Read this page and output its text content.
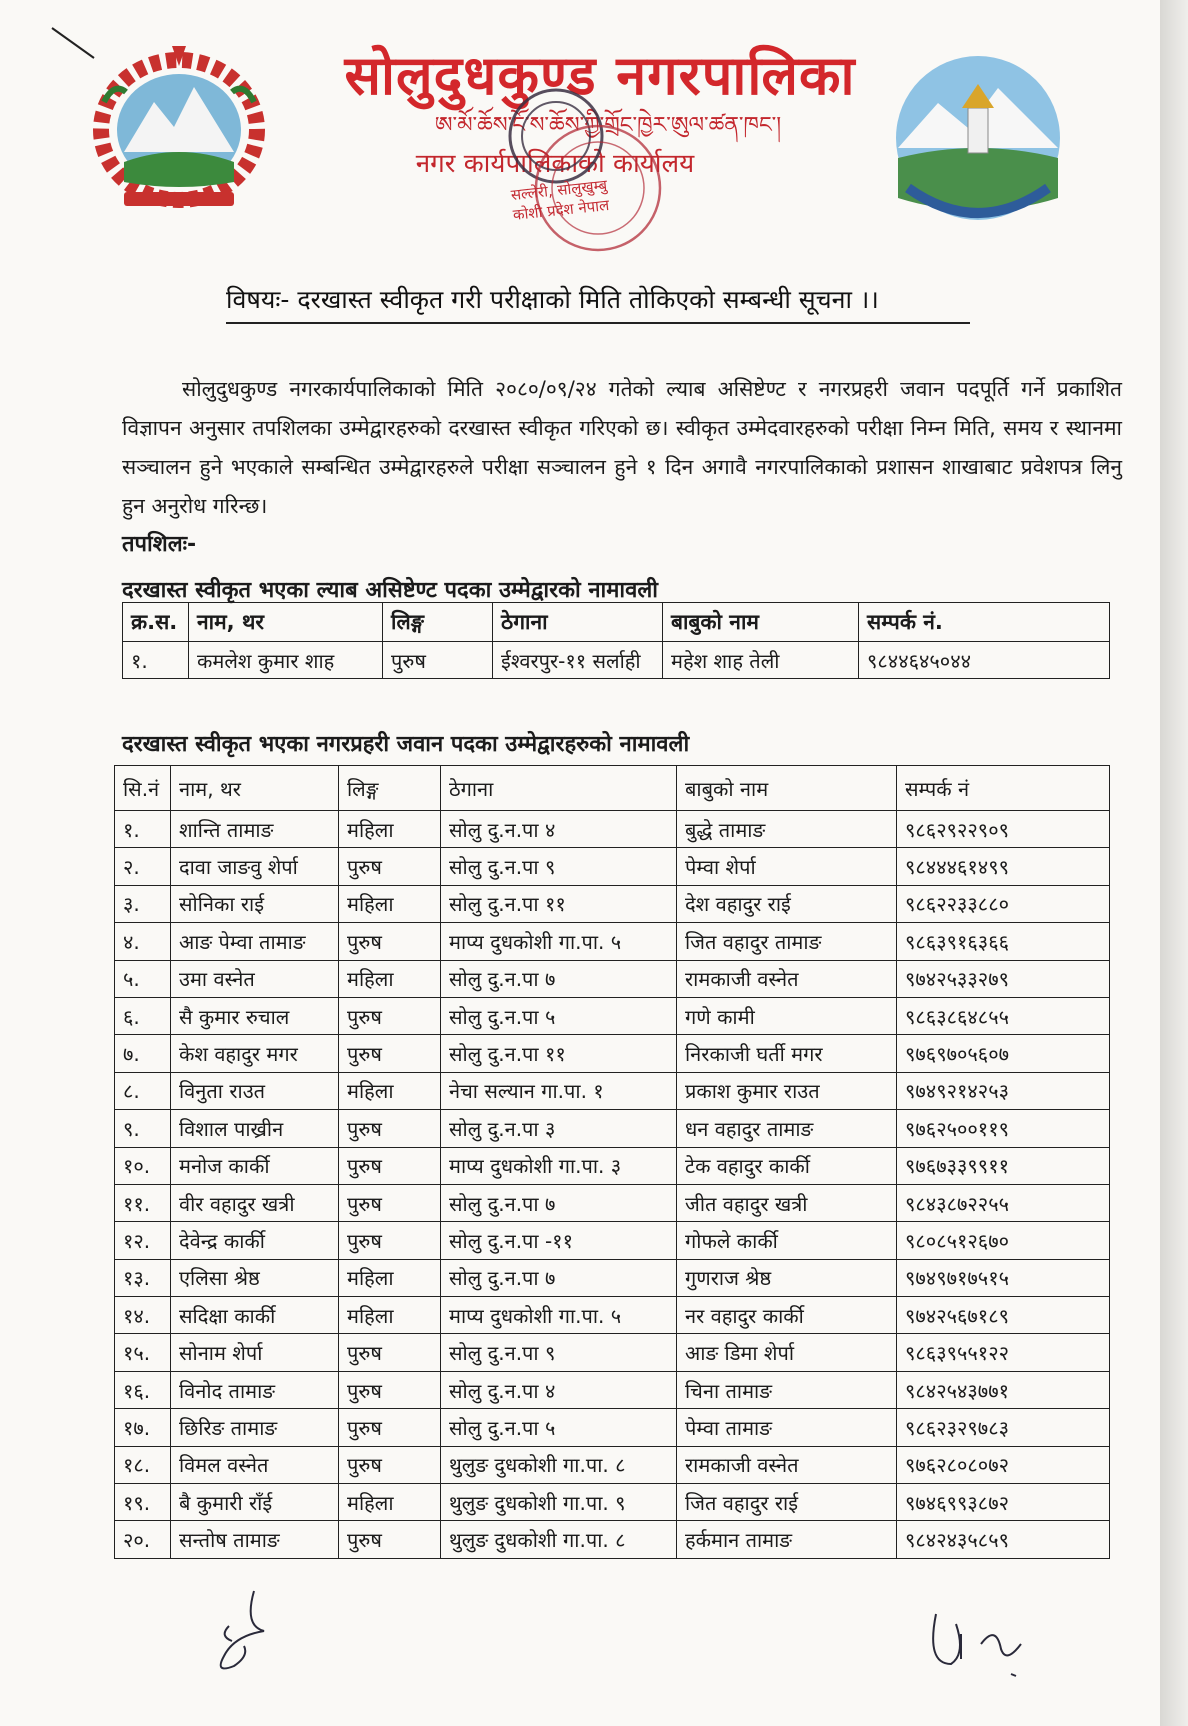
सोलुदुधकुण्ड नगरपालिका
ཨ་མོ་ཆོས་ངོ་ས་ཆོས་ཀྱི་གྲོང་ཁྱེར་ཨུལ་ཚན་ཁང་།
नगर कार्यपालिकाको कार्यालय
सल्लेरी, सोलुखुम्बु
कोशी प्रदेश नेपाल
विषयः- दरखास्त स्वीकृत गरी परीक्षाको मिति तोकिएको सम्बन्धी सूचना ।।

सोलुदुधकुण्ड नगरकार्यपालिकाको मिति २०८०/०९/२४ गतेको ल्याब असिष्टेण्ट र नगरप्रहरी जवान पदपूर्ति गर्ने प्रकाशित विज्ञापन अनुसार तपशिलका उम्मेद्वारहरुको दरखास्त स्वीकृत गरिएको छ। स्वीकृत उम्मेदवारहरुको परीक्षा निम्न मिति, समय र स्थानमा सञ्चालन हुने भएकाले सम्बन्धित उम्मेद्वारहरुले परीक्षा सञ्चालन हुने १ दिन अगावै नगरपालिकाको प्रशासन शाखाबाट प्रवेशपत्र लिनु हुन अनुरोध गरिन्छ।

तपशिलः-
दरखास्त स्वीकृत भएका ल्याब असिष्टेण्ट पदका उम्मेद्वारको नामावली
क्र.स.	नाम, थर	लिङ्ग	ठेगाना	बाबुको नाम	सम्पर्क नं.
१.	कमलेश कुमार शाह	पुरुष	ईश्वरपुर-११ सर्लाही	महेश शाह तेली	९८४४६४५०४४
दरखास्त स्वीकृत भएका नगरप्रहरी जवान पदका उम्मेद्वारहरुको नामावली
सि.नं	नाम, थर	लिङ्ग	ठेगाना	बाबुको नाम	सम्पर्क नं
१.	शान्ति तामाङ	महिला	सोलु दु.न.पा ४	बुद्धे तामाङ	९८६२९२२९०९
२.	दावा जाङवु शेर्पा	पुरुष	सोलु दु.न.पा ९	पेम्वा शेर्पा	९८४४४६१४९९
३.	सोनिका राई	महिला	सोलु दु.न.पा ११	देश वहादुर राई	९८६२२३३८८०
४.	आङ पेम्वा तामाङ	पुरुष	माप्य दुधकोशी गा.पा. ५	जित वहादुर तामाङ	९८६३९१६३६६
५.	उमा वस्नेत	महिला	सोलु दु.न.पा ७	रामकाजी वस्नेत	९७४२५३३२७९
६.	सै कुमार रुचाल	पुरुष	सोलु दु.न.पा ५	गणे कामी	९८६३८६४८५५
७.	केश वहादुर मगर	पुरुष	सोलु दु.न.पा ११	निरकाजी घर्ती मगर	९७६९७०५६०७
८.	विनुता राउत	महिला	नेचा सल्यान गा.पा. १	प्रकाश कुमार राउत	९७४९२१४२५३
९.	विशाल पाख्रीन	पुरुष	सोलु दु.न.पा ३	धन वहादुर तामाङ	९७६२५००११९
१०.	मनोज कार्की	पुरुष	माप्य दुधकोशी गा.पा. ३	टेक वहादुर कार्की	९७६७३३९९११
११.	वीर वहादुर खत्री	पुरुष	सोलु दु.न.पा ७	जीत वहादुर खत्री	९८४३८७२२५५
१२.	देवेन्द्र कार्की	पुरुष	सोलु दु.न.पा -११	गोफले कार्की	९८०८५१२६७०
१३.	एलिसा श्रेष्ठ	महिला	सोलु दु.न.पा ७	गुणराज श्रेष्ठ	९७४९७१७५१५
१४.	सदिक्षा कार्की	महिला	माप्य दुधकोशी गा.पा. ५	नर वहादुर कार्की	९७४२५६७१८९
१५.	सोनाम शेर्पा	पुरुष	सोलु दु.न.पा ९	आङ डिमा शेर्पा	९८६३९५५१२२
१६.	विनोद तामाङ	पुरुष	सोलु दु.न.पा ४	चिना तामाङ	९८४२५४३७७१
१७.	छिरिङ तामाङ	पुरुष	सोलु दु.न.पा ५	पेम्वा तामाङ	९८६२३२९७८३
१८.	विमल वस्नेत	पुरुष	थुलुङ दुधकोशी गा.पा. ८	रामकाजी वस्नेत	९७६२८०८०७२
१९.	बै कुमारी राँई	महिला	थुलुङ दुधकोशी गा.पा. ९	जित वहादुर राई	९७४६९९३८७२
२०.	सन्तोष तामाङ	पुरुष	थुलुङ दुधकोशी गा.पा. ८	हर्कमान तामाङ	९८४२४३५८५९
